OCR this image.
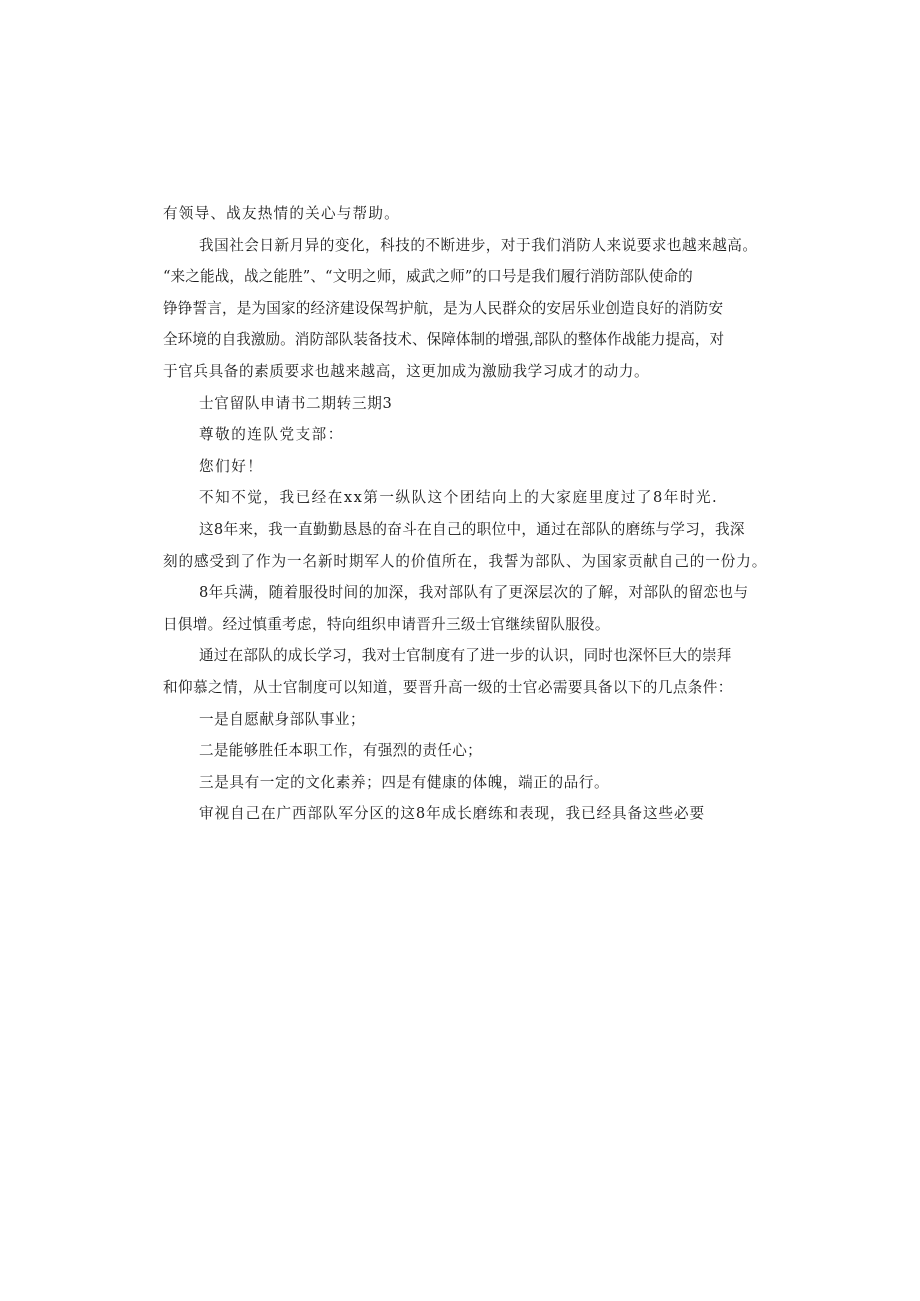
有领导、战友热情的关心与帮助。
我国社会日新月异的变化，科技的不断进步，对于我们消防人来说要求也越来越高。
“来之能战，战之能胜”、“文明之师，威武之师”的口号是我们履行消防部队使命的
铮铮誓言，是为国家的经济建设保驾护航，是为人民群众的安居乐业创造良好的消防安
全环境的自我激励。消防部队装备技术、保障体制的增强,部队的整体作战能力提高，对
于官兵具备的素质要求也越来越高，这更加成为激励我学习成才的动力。
士官留队申请书二期转三期3
尊敬的连队党支部：
您们好！
不知不觉，我已经在xx第一纵队这个团结向上的大家庭里度过了8年时光.
这8年来，我一直勤勤恳恳的奋斗在自己的职位中，通过在部队的磨练与学习，我深
刻的感受到了作为一名新时期军人的价值所在，我誓为部队、为国家贡献自己的一份力。
8年兵满，随着服役时间的加深，我对部队有了更深层次的了解，对部队的留恋也与
日俱增。经过慎重考虑，特向组织申请晋升三级士官继续留队服役。
通过在部队的成长学习，我对士官制度有了进一步的认识，同时也深怀巨大的崇拜
和仰慕之情，从士官制度可以知道，要晋升高一级的士官必需要具备以下的几点条件：
一是自愿献身部队事业；
二是能够胜任本职工作，有强烈的责任心；
三是具有一定的文化素养；四是有健康的体魄，端正的品行。
审视自己在广西部队军分区的这8年成长磨练和表现，我已经具备这些必要
